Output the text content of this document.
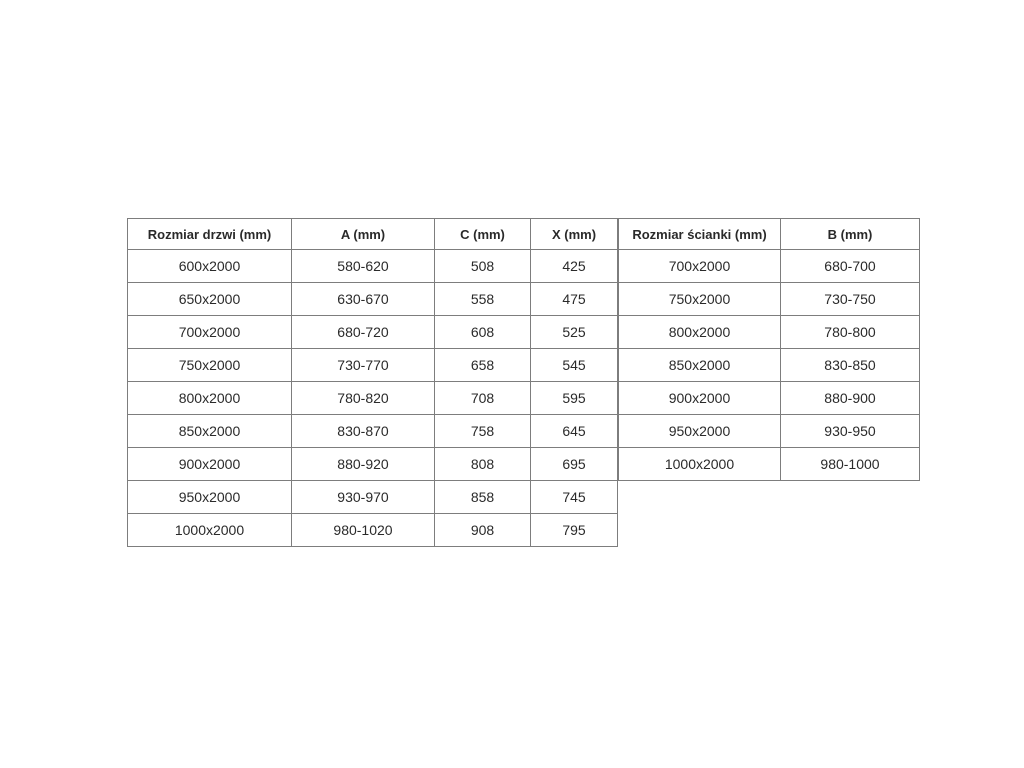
Rozmiar drzwi (mm)	A (mm)	C (mm)	X (mm)
600x2000	580-620	508	425
650x2000	630-670	558	475
700x2000	680-720	608	525
750x2000	730-770	658	545
800x2000	780-820	708	595
850x2000	830-870	758	645
900x2000	880-920	808	695
950x2000	930-970	858	745
1000x2000	980-1020	908	795
Rozmiar ścianki (mm)	B (mm)
700x2000	680-700
750x2000	730-750
800x2000	780-800
850x2000	830-850
900x2000	880-900
950x2000	930-950
1000x2000	980-1000
